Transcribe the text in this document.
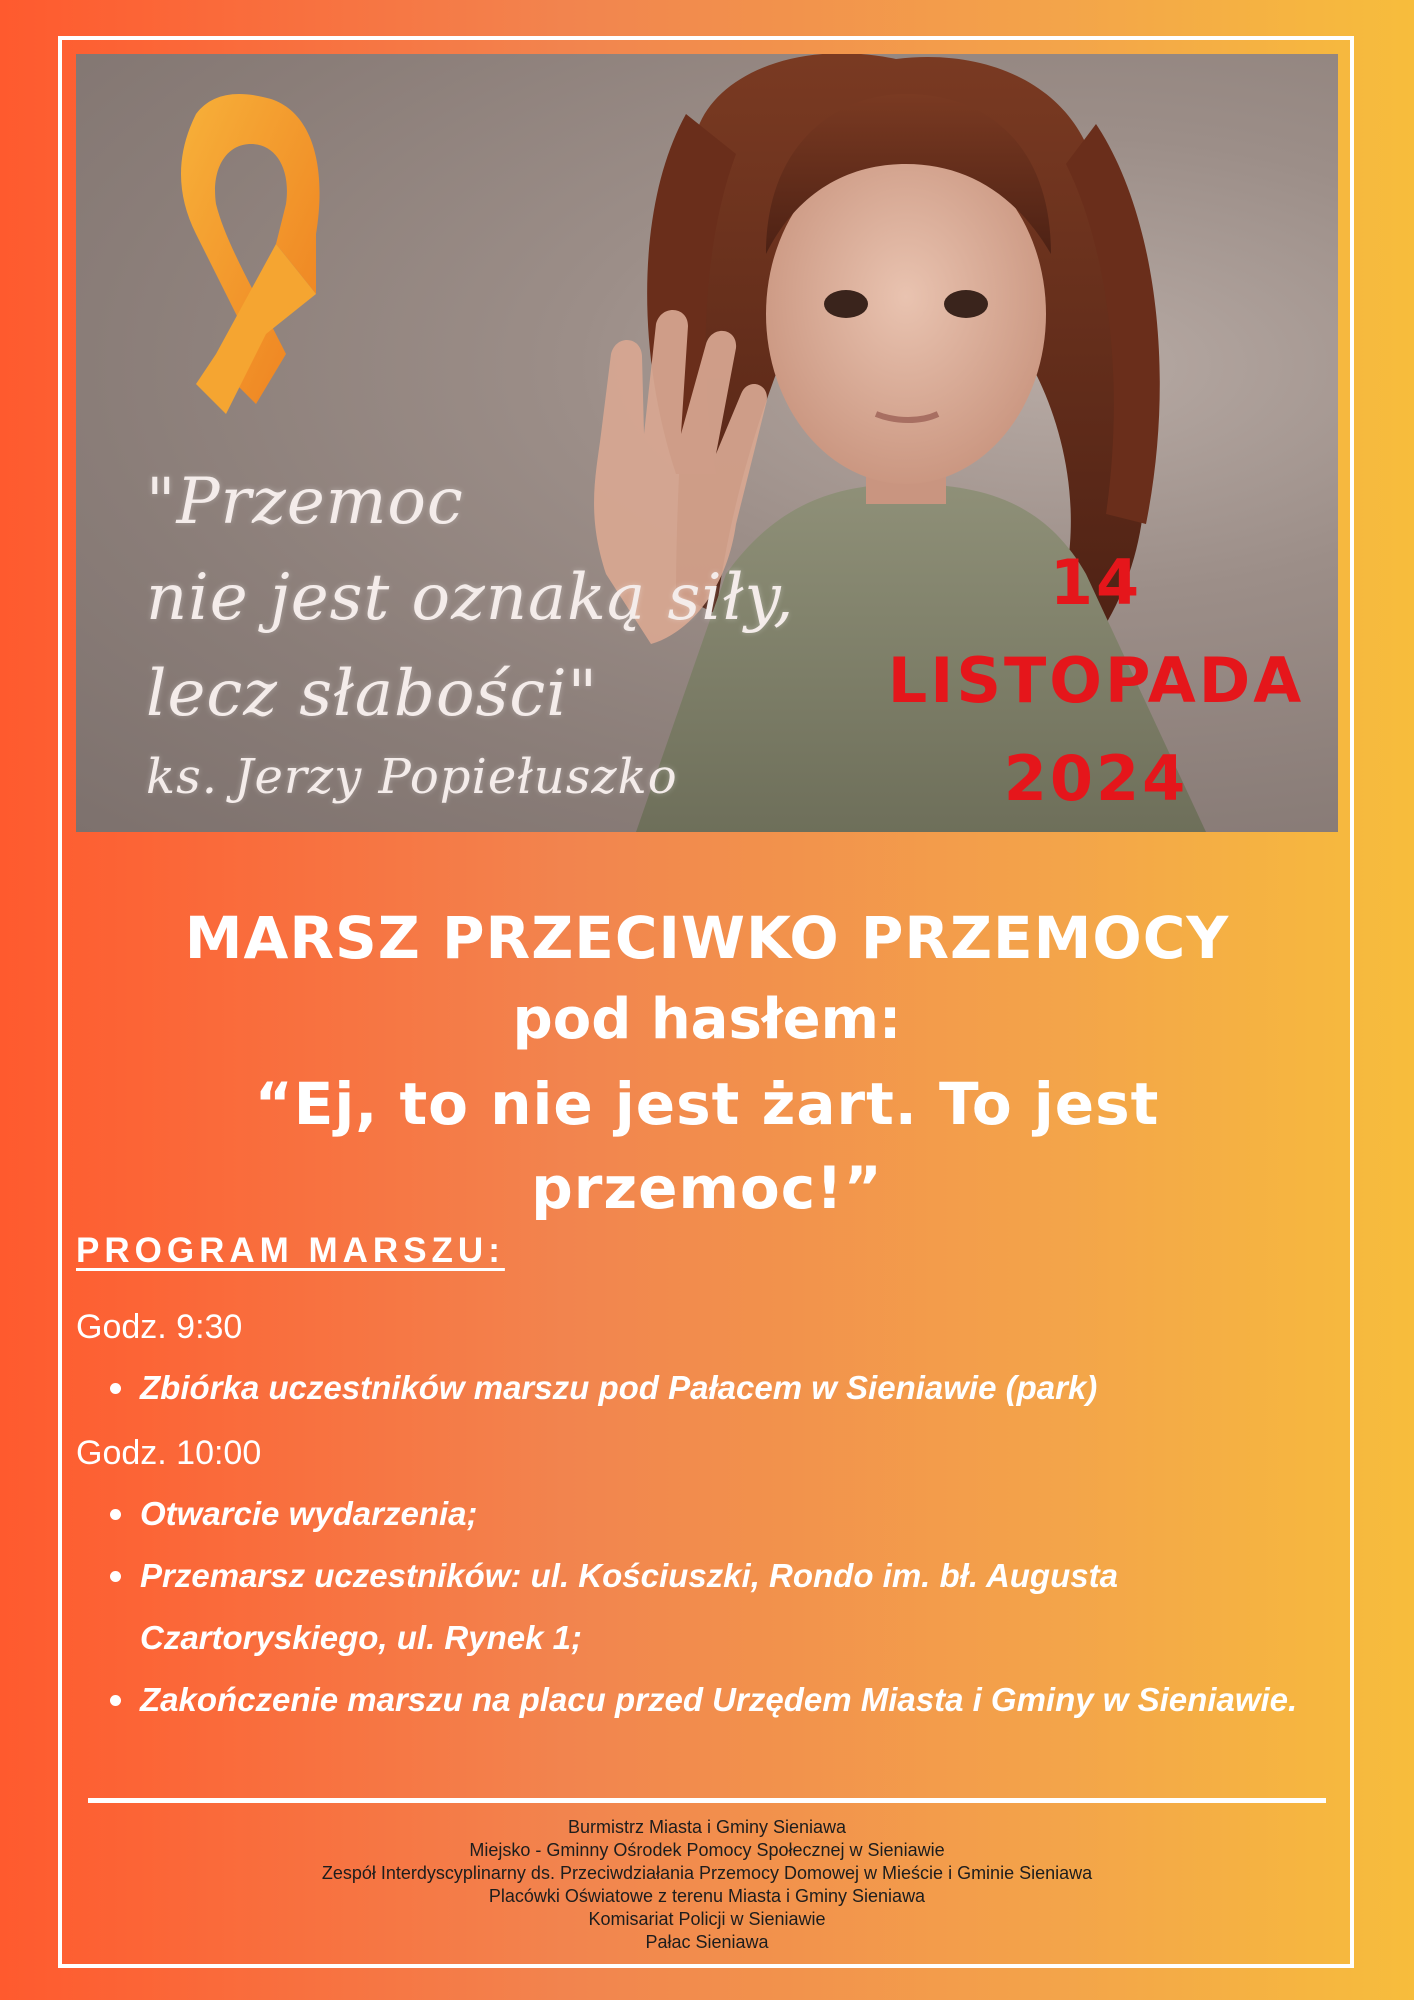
"Przemoc
nie jest oznaką siły,
lecz słabości"
ks. Jerzy Popiełuszko
14
LISTOPADA
2024
MARSZ PRZECIWKO PRZEMOCY
pod hasłem:
“Ej, to nie jest żart. To jest przemoc!”
PROGRAM MARSZU:

Godz. 9:30

Zbiórka uczestników marszu pod Pałacem w Sieniawie (park)

Godz. 10:00

Otwarcie wydarzenia;
Przemarsz uczestników: ul. Kościuszki, Rondo im. bł. Augusta Czartoryskiego, ul. Rynek 1;
Zakończenie marszu na placu przed Urzędem Miasta i Gminy w Sieniawie.
Burmistrz Miasta i Gminy Sieniawa
Miejsko - Gminny Ośrodek Pomocy Społecznej w Sieniawie
Zespół Interdyscyplinarny ds. Przeciwdziałania Przemocy Domowej w Mieście i Gminie Sieniawa
Placówki Oświatowe z terenu Miasta i Gminy Sieniawa
Komisariat Policji w Sieniawie
Pałac Sieniawa
